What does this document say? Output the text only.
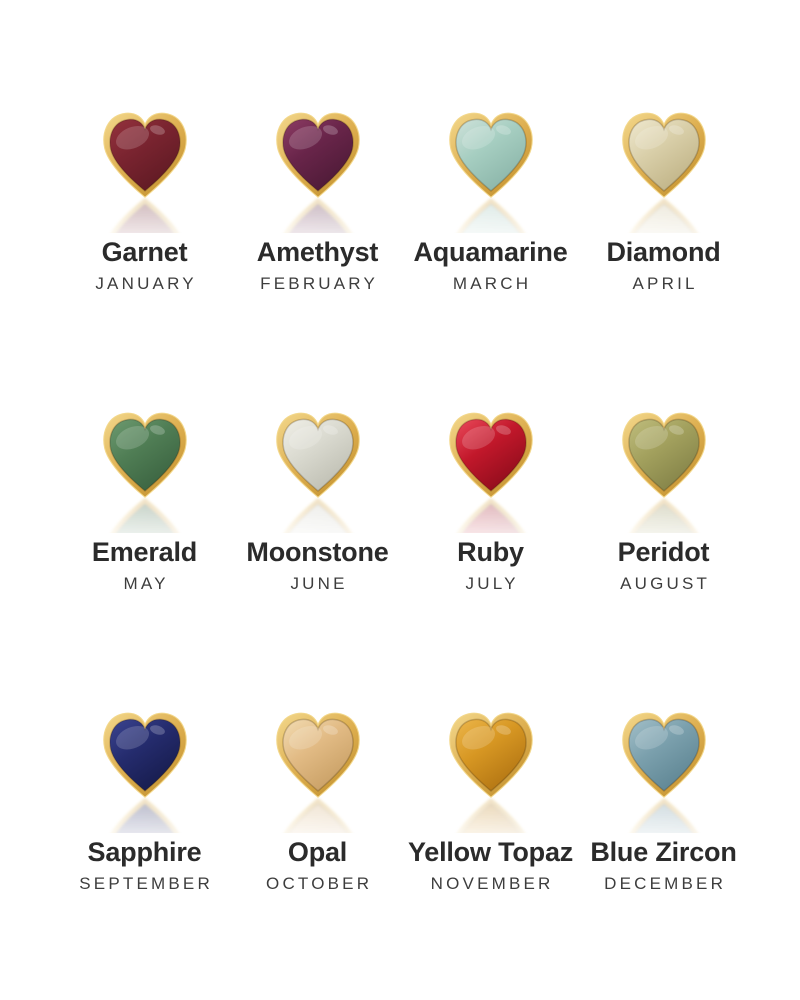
Garnet
JANUARY
Amethyst
FEBRUARY
Aquamarine
MARCH
Diamond
APRIL
Emerald
MAY
Moonstone
JUNE
Ruby
JULY
Peridot
AUGUST
Sapphire
SEPTEMBER
Opal
OCTOBER
Yellow Topaz
NOVEMBER
Blue Zircon
DECEMBER
